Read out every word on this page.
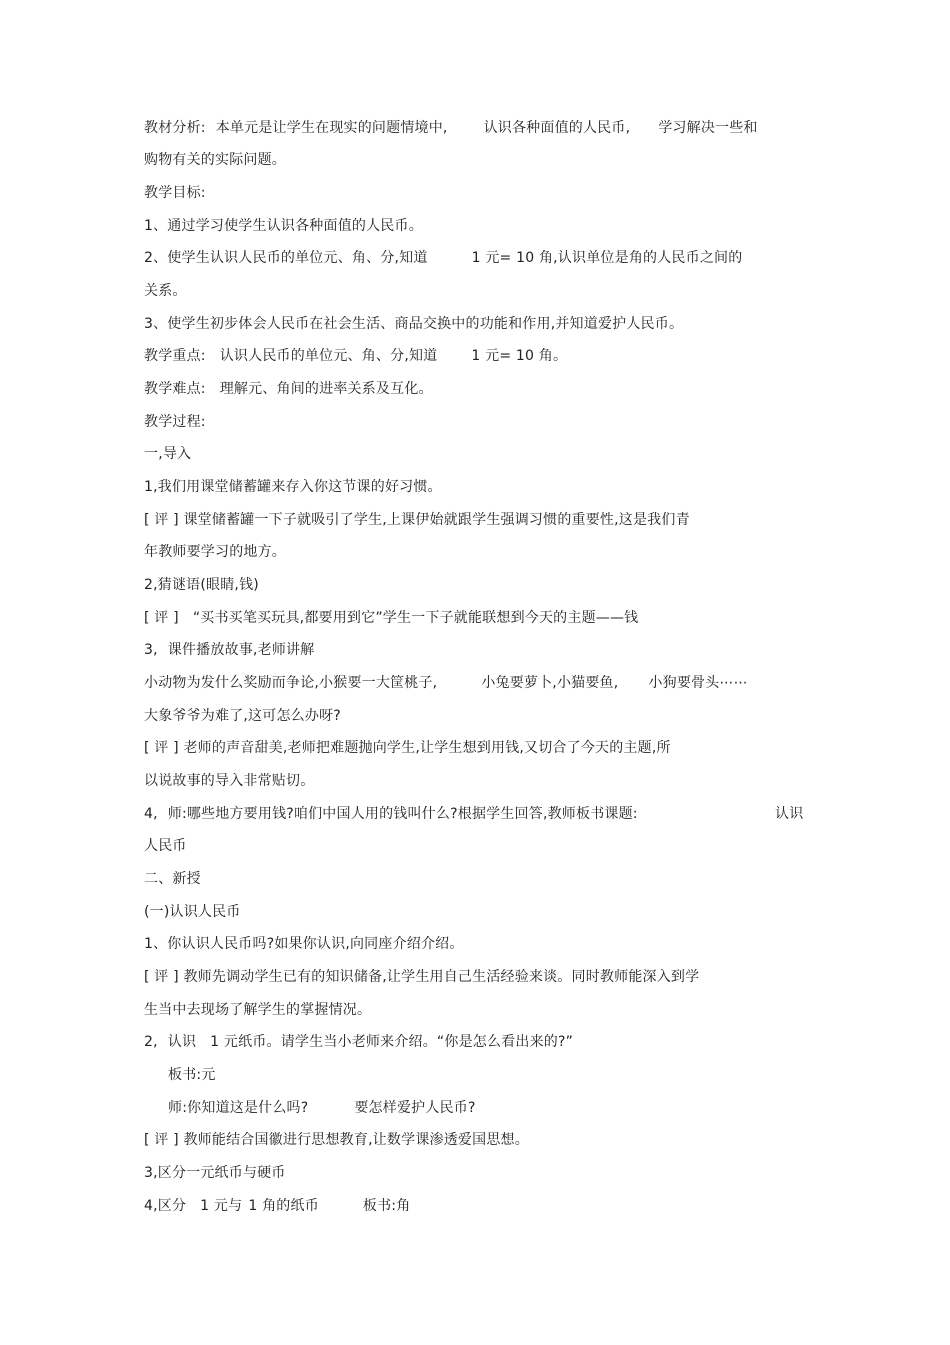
教材分析: 本单元是让学生在现实的问题情境中,	认识各种面值的人民币, 学习解决一些和
购物有关的实际问题。
教学目标:
1、通过学习使学生认识各种面值的人民币。
2、使学生认识人民币的单位元、角、分,知道	1 元= 10 角,认识单位是角的人民币之间的
关系。
3、使学生初步体会人民币在社会生活、商品交换中的功能和作用,并知道爱护人民币。
教学重点: 认识人民币的单位元、角、分,知道 1 元= 10 角。
教学难点: 理解元、角间的进率关系及互化。
教学过程:
一,导入
1,我们用课堂储蓄罐来存入你这节课的好习惯。
[ 评 ] 课堂储蓄罐一下子就吸引了学生,上课伊始就跟学生强调习惯的重要性,这是我们青
年教师要学习的地方。
2,猜谜语(眼睛,钱)
[ 评 ] “买书买笔买玩具,都要用到它”学生一下子就能联想到今天的主题——钱
3, 课件播放故事,老师讲解
小动物为发什么奖励而争论,小猴要一大筐桃子,	小兔要萝卜,小猫要鱼, 小狗要骨头⋯⋯
大象爷爷为难了,这可怎么办呀?
[ 评 ] 老师的声音甜美,老师把难题抛向学生,让学生想到用钱,又切合了今天的主题,所
以说故事的导入非常贴切。
4, 师:哪些地方要用钱?咱们中国人用的钱叫什么?根据学生回答,教师板书课题:	认识
人民币
二、新授
(一)认识人民币
1、你认识人民币吗?如果你认识,向同座介绍介绍。
[ 评 ] 教师先调动学生已有的知识储备,让学生用自己生活经验来谈。同时教师能深入到学
生当中去现场了解学生的掌握情况。
2, 认识 1 元纸币。请学生当小老师来介绍。“你是怎么看出来的?”
板书:元
师:你知道这是什么吗?	要怎样爱护人民币?
[ 评 ] 教师能结合国徽进行思想教育,让数学课渗透爱国思想。
3,区分一元纸币与硬币
4,区分 1 元与 1 角的纸币	板书:角
